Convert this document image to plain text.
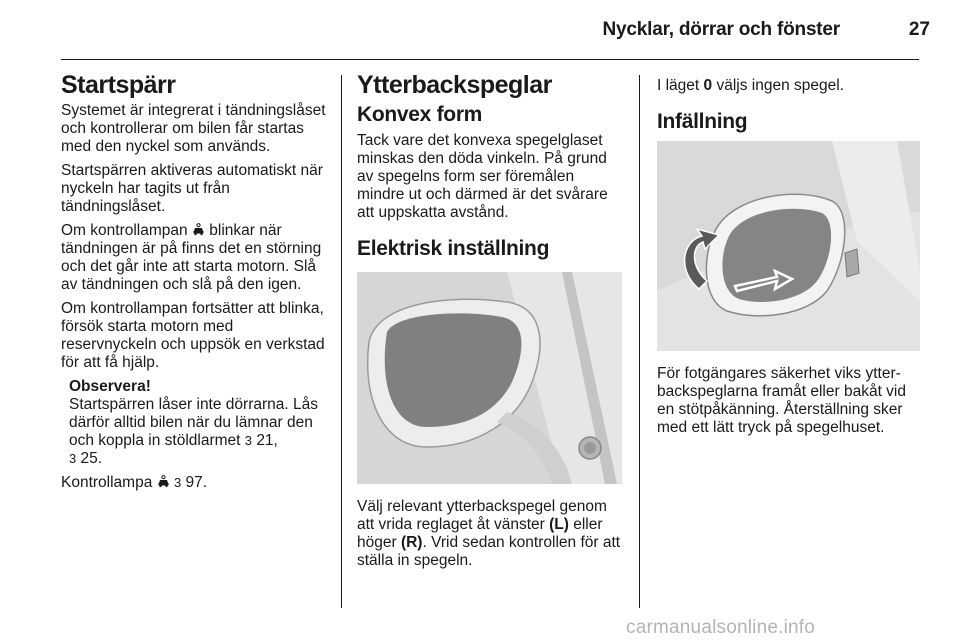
Nycklar, dörrar och fönster	27
Startspärr

Systemet är integrerat i tändningslåset och kontrollerar om bilen får startas med den nyckel som används.

Startspärren aktiveras automatiskt när nyckeln har tagits ut från tändningslåset.

Om kontrollampan  blinkar när tändningen är på finns det en störning och det går inte att starta motorn. Slå av tändningen och slå på den igen.

Om kontrollampan fortsätter att blinka, försök starta motorn med reservnyckeln och uppsök en verkstad för att få hjälp.

Observera!
Startspärren låser inte dörrarna. Lås därför alltid bilen när du lämnar den och koppla in stöldlarmet 3 21,
3 25.

Kontrollampa  3 97.

Ytterbackspeglar
Konvex form

Tack vare det konvexa spegelglaset minskas den döda vinkeln. På grund av spegelns form ser föremålen mindre ut och därmed är det svårare att uppskatta avstånd.

Elektrisk inställning

Välj relevant ytterbackspegel genom att vrida reglaget åt vänster (L) eller höger (R). Vrid sedan kontrollen för att ställa in spegeln.

I läget 0 väljs ingen spegel.

Infällning

För fotgängares säkerhet viks ytterbackspeglarna framåt eller bakåt vid en stötpåkänning. Återställning sker med ett lätt tryck på spegelhuset.

carmanualsonline.info
